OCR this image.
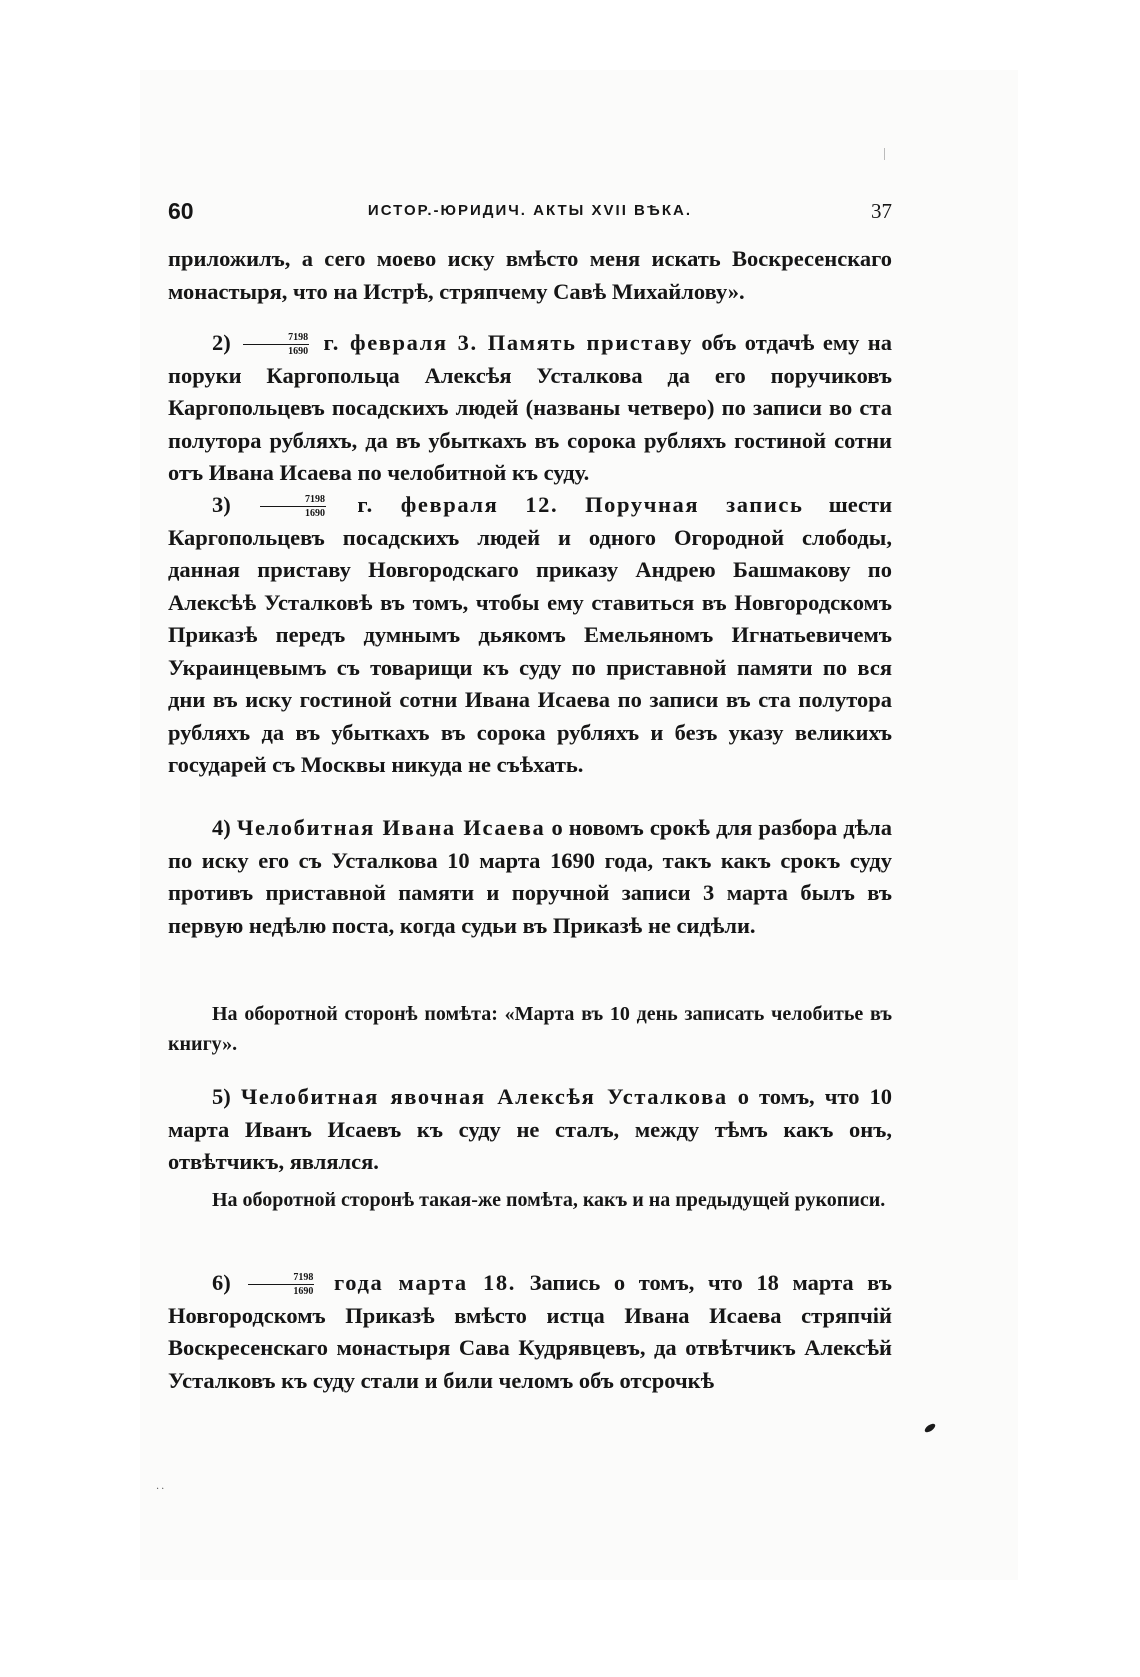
60	ИСТОР.-ЮРИДИЧ. АКТЫ XVII ВѢКА.	37

приложилъ, а сего моево иску вмѣсто меня искать Воскресенскаго монастыря, что на Истрѣ, стряпчему Савѣ Михайлову».

$2) \frac{7198}{1690} г$. февраля 3. Память приставу объ отдачѣ ему на поруки Каргопольца Алексѣя Усталкова да его поручиковъ Каргопольцевъ посадскихъ людей (названы четверо) по записи во ста полутора рубляхъ, да въ убыткахъ въ сорока рубляхъ гостиной сотни отъ Ивана Исаева по челобитной къ суду.

3)	$\frac{7198}{1690} г$. февраля 12. Поручная запись шести Каргопольцевъ посадскихъ людей и одного Огородной слободы, данная приставу Новгородскаго приказу Андрею Башмакову по Алексѣѣ Усталковѣ въ томъ, чтобы ему ставиться въ Новгородскомъ Приказѣ передъ думнымъ дьякомъ Емельяномъ Игнатьевичемъ Украинцевымъ съ товарищи къ суду по приставной памяти по вся дни въ иску гостиной сотни Ивана Исаева по записи въ ста полутора рубляхъ да въ убыткахъ въ сорока рубляхъ и безъ указу великихъ государей съ Москвы никуда не съѣхать.

4) Челобитная Ивана Исаева о новомъ срокѣ для разбора дѣла по иску его съ Усталкова 10 марта 1690 года, такъ какъ срокъ суду противъ приставной памяти и поручной записи 3 марта былъ въ первую недѣлю поста, когда судьи въ Приказѣ не сидѣли.

На оборотной сторонѣ помѣта: «Марта въ 10 день записать челобитье въ книгу».

5) Челобитная явочная Алексѣя Усталкова о томъ, что 10 марта Иванъ Исаевъ къ суду не сталъ, между тѣмъ какъ онъ, отвѣтчикъ, являлся.

На оборотной сторонѣ такая-же помѣта, какъ и на предыдущей рукописи.

$6) \frac{7198}{1690}$ года марта 18. Запись о томъ, что 18 марта въ Новгородскомъ Приказѣ вмѣсто истца Ивана Исаева стряпчій Воскресенскаго монастыря Сава Кудрявцевъ, да отвѣтчикъ Алексѣй Усталковъ къ суду стали и били челомъ объ отсрочкѣ

..
